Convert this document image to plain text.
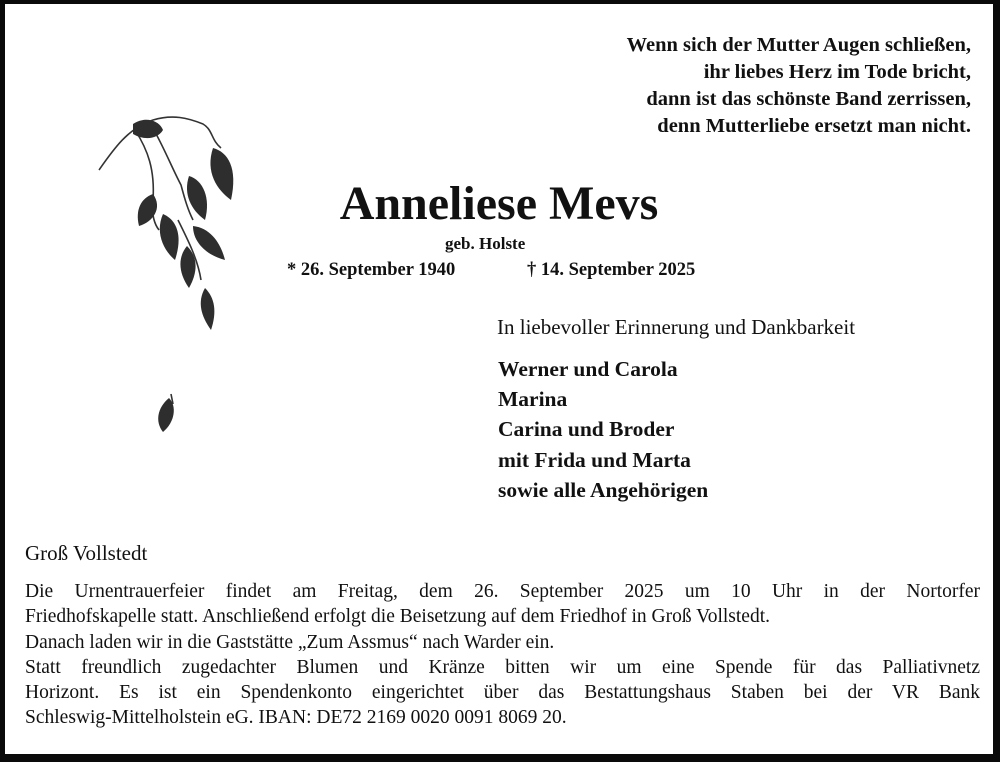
Wenn sich der Mutter Augen schließen,
ihr liebes Herz im Tode bricht,
dann ist das schönste Band zerrissen,
denn Mutterliebe ersetzt man nicht.
Anneliese Mevs
geb. Holste
* 26. September 1940	† 14. September 2025
In liebevoller Erinnerung und Dankbarkeit
Werner und Carola
Marina
Carina und Broder
mit Frida und Marta
sowie alle Angehörigen
Groß Vollstedt
Die Urnentrauerfeier findet am Freitag, dem 26. September 2025 um 10 Uhr in der Nortorfer
Friedhofskapelle statt. Anschließend erfolgt die Beisetzung auf dem Friedhof in Groß Vollstedt.
Danach laden wir in die Gaststätte „Zum Assmus“ nach Warder ein.
Statt freundlich zugedachter Blumen und Kränze bitten wir um eine Spende für das Palliativnetz
Horizont. Es ist ein Spendenkonto eingerichtet über das Bestattungshaus Staben bei der VR Bank
Schleswig-Mittelholstein eG. IBAN: DE72 2169 0020 0091 8069 20.
